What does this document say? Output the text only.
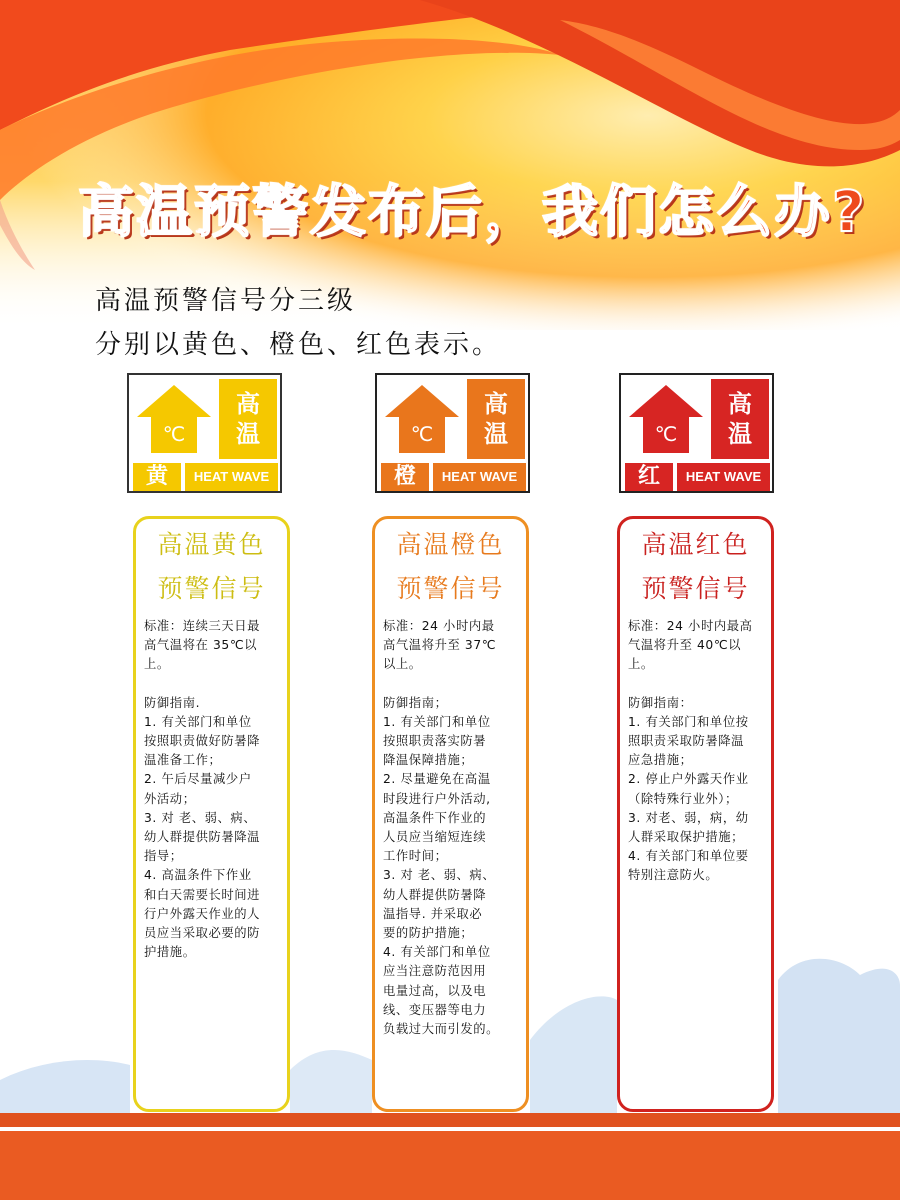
高温预警发布后，我们怎么办?
高温预警信号分三级
分别以黄色、橙色、红色表示。
℃
高
温
黄	HEAT WAVE
℃
高
温
橙	HEAT WAVE
℃
高
温
红	HEAT WAVE
高温黄色
预警信号
标准：连续三天日最
高气温将在 35℃以
上。
防御指南.
1. 有关部门和单位
按照职责做好防暑降
温准备工作；
2. 午后尽量减少户
外活动；
3. 对 老、弱、病、
幼人群提供防暑降温
指导；
4. 高温条件下作业
和白天需要长时间进
行户外露天作业的人
员应当采取必要的防
护措施。
高温橙色
预警信号
标准：24 小时内最
高气温将升至 37℃
以上。
防御指南；
1. 有关部门和单位
按照职责落实防暑
降温保障措施；
2. 尽量避免在高温
时段进行户外活动,
高温条件下作业的
人员应当缩短连续
工作时间；
3. 对 老、弱、病、
幼人群提供防暑降
温指导. 并采取必
要的防护措施；
4. 有关部门和单位
应当注意防范因用
电量过高，以及电
线、变压器等电力
负载过大而引发的。
高温红色
预警信号
标准：24 小时内最高
气温将升至 40℃以
上。
防御指南：
1. 有关部门和单位按
照职责采取防暑降温
应急措施；
2. 停止户外露天作业
（除特殊行业外）；
3. 对老、弱，病，幼
人群采取保护措施；
4. 有关部门和单位要
特别注意防火。
